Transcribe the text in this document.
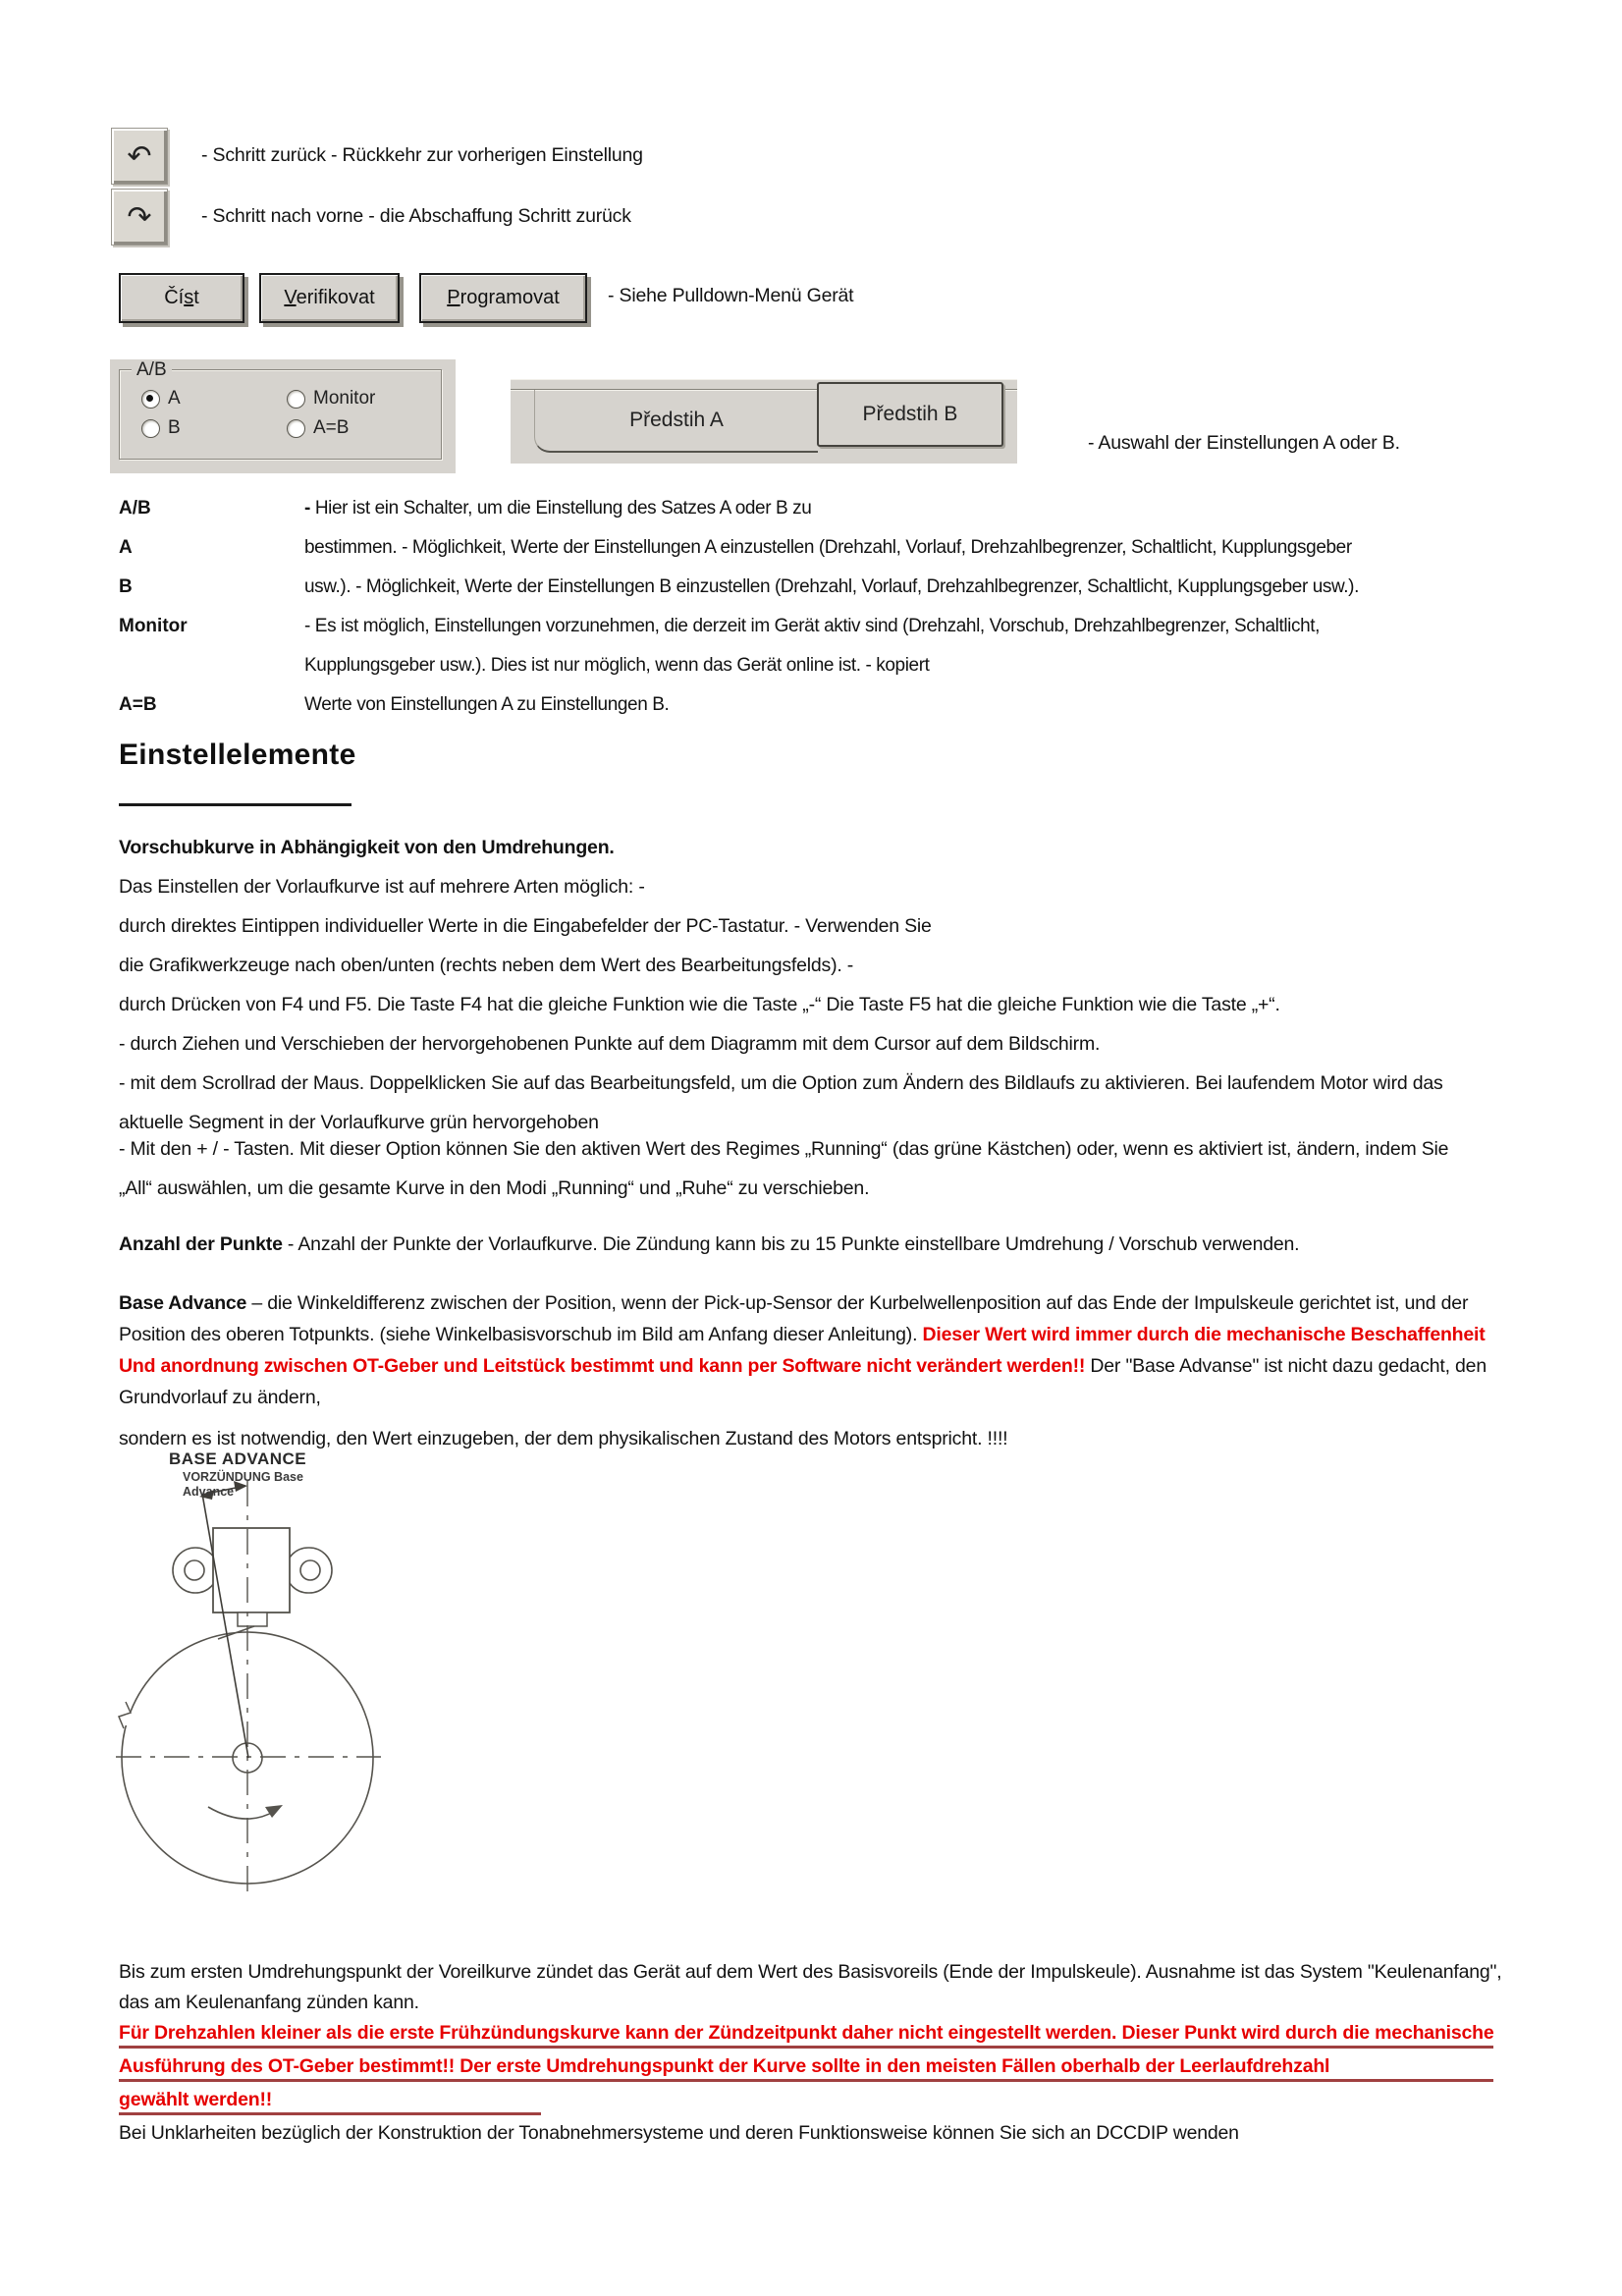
↶	- Schritt zurück - Rückkehr zur vorherigen Einstellung
↷	- Schritt nach vorne - die Abschaffung Schritt zurück
Číst	Verifikovat	Programovat	- Siehe Pulldown-Menü Gerät
A/B
A
B
Monitor
A=B	Předstih A	Předstih B
- Auswahl der Einstellungen A oder B.
A/B	- Hier ist ein Schalter, um die Einstellung des Satzes A oder B zu
A	bestimmen. - Möglichkeit, Werte der Einstellungen A einzustellen (Drehzahl, Vorlauf, Drehzahlbegrenzer, Schaltlicht, Kupplungsgeber
B	usw.). - Möglichkeit, Werte der Einstellungen B einzustellen (Drehzahl, Vorlauf, Drehzahlbegrenzer, Schaltlicht, Kupplungsgeber usw.).
Monitor	- Es ist möglich, Einstellungen vorzunehmen, die derzeit im Gerät aktiv sind (Drehzahl, Vorschub, Drehzahlbegrenzer, Schaltlicht,
Kupplungsgeber usw.). Dies ist nur möglich, wenn das Gerät online ist. - kopiert
A=B	Werte von Einstellungen A zu Einstellungen B.
Einstellelemente
Vorschubkurve in Abhängigkeit von den Umdrehungen.
Das Einstellen der Vorlaufkurve ist auf mehrere Arten möglich: -
durch direktes Eintippen individueller Werte in die Eingabefelder der PC-Tastatur. - Verwenden Sie
die Grafikwerkzeuge nach oben/unten (rechts neben dem Wert des Bearbeitungsfelds). -
durch Drücken von F4 und F5. Die Taste F4 hat die gleiche Funktion wie die Taste „-“ Die Taste F5 hat die gleiche Funktion wie die Taste „+“.
- durch Ziehen und Verschieben der hervorgehobenen Punkte auf dem Diagramm mit dem Cursor auf dem Bildschirm.
- mit dem Scrollrad der Maus. Doppelklicken Sie auf das Bearbeitungsfeld, um die Option zum Ändern des Bildlaufs zu aktivieren. Bei laufendem Motor wird das
aktuelle Segment in der Vorlaufkurve grün hervorgehoben
- Mit den + / - Tasten. Mit dieser Option können Sie den aktiven Wert des Regimes „Running“ (das grüne Kästchen) oder, wenn es aktiviert ist, ändern, indem Sie
„All“ auswählen, um die gesamte Kurve in den Modi „Running“ und „Ruhe“ zu verschieben.
Anzahl der Punkte - Anzahl der Punkte der Vorlaufkurve. Die Zündung kann bis zu 15 Punkte einstellbare Umdrehung / Vorschub verwenden.
Base Advance – die Winkeldifferenz zwischen der Position, wenn der Pick-up-Sensor der Kurbelwellenposition auf das Ende der Impulskeule gerichtet ist, und der
Position des oberen Totpunkts. (siehe Winkelbasisvorschub im Bild am Anfang dieser Anleitung). Dieser Wert wird immer durch die mechanische Beschaffenheit
Und anordnung zwischen OT-Geber und Leitstück bestimmt und kann per Software nicht verändert werden!! Der "Base Advanse" ist nicht dazu gedacht, den
Grundvorlauf zu ändern,
sondern es ist notwendig, den Wert einzugeben, der dem physikalischen Zustand des Motors entspricht. !!!!
BASE ADVANCE
VORZÜNDUNG Base
Advance
Bis zum ersten Umdrehungspunkt der Voreilkurve zündet das Gerät auf dem Wert des Basisvoreils (Ende der Impulskeule). Ausnahme ist das System "Keulenanfang",
das am Keulenanfang zünden kann.
Für Drehzahlen kleiner als die erste Frühzündungskurve kann der Zündzeitpunkt daher nicht eingestellt werden. Dieser Punkt wird durch die mechanische
Ausführung des OT-Geber bestimmt!! Der erste Umdrehungspunkt der Kurve sollte in den meisten Fällen oberhalb der Leerlaufdrehzahl
gewählt werden!!
Bei Unklarheiten bezüglich der Konstruktion der Tonabnehmersysteme und deren Funktionsweise können Sie sich an DCCDIP wenden
